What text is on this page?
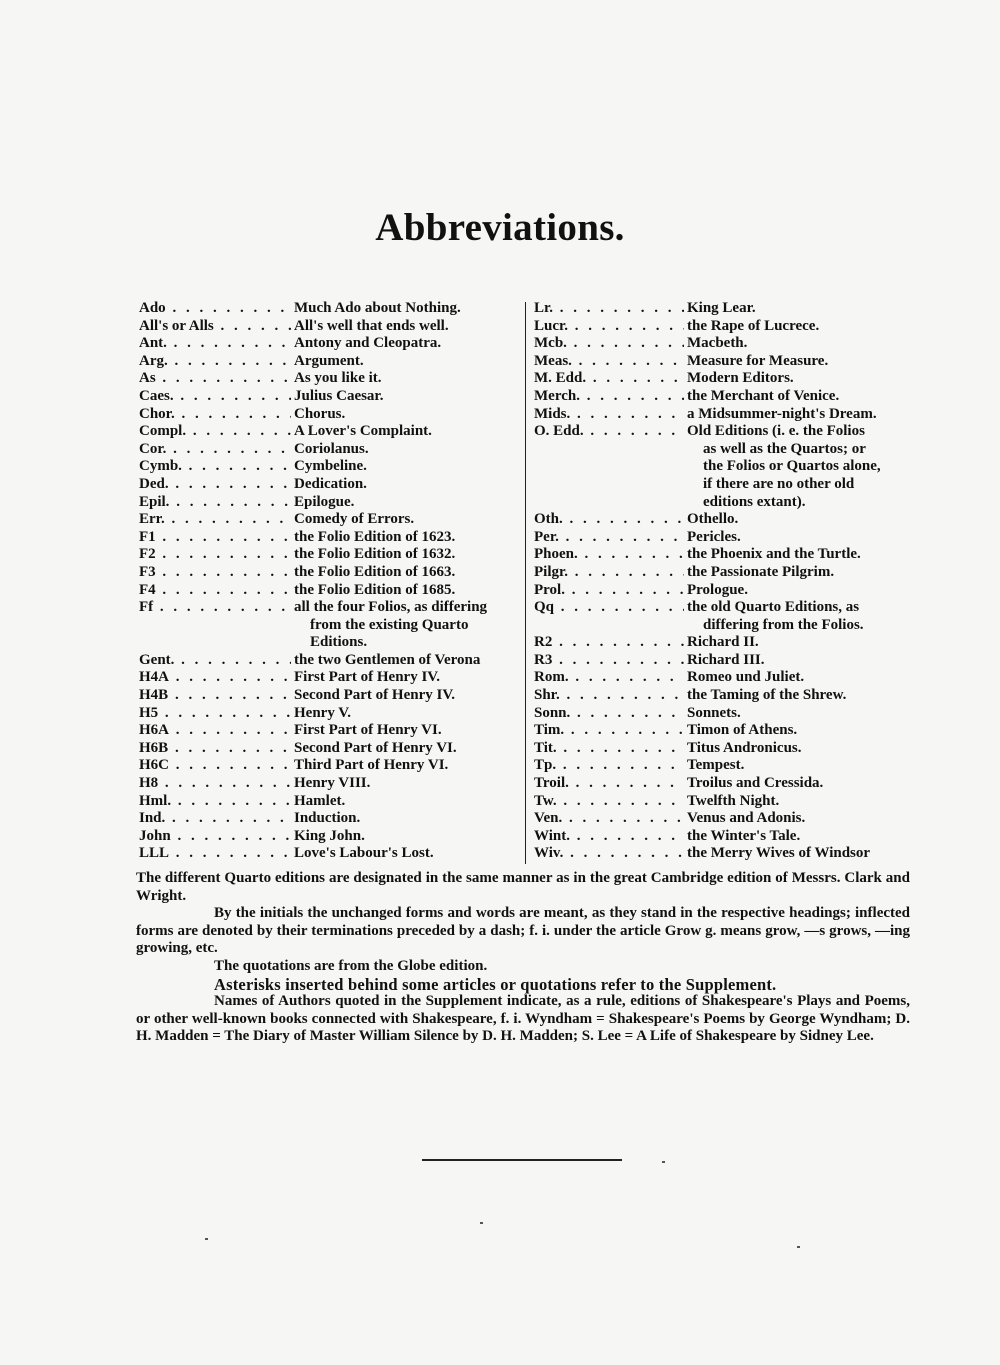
Abbreviations.
Ado . . .	Much Ado about Nothing.
All's or Alls . . .	All's well that ends well.
Ant. . . .	Antony and Cleopatra.
Arg. . . .	Argument.
As . . .	As you like it.
Caes. . . .	Julius Caesar.
Chor. . . .	Chorus.
Compl. . . .	A Lover's Complaint.
Cor. . . .	Coriolanus.
Cymb. . . .	Cymbeline.
Ded. . . .	Dedication.
Epil. . . .	Epilogue.
Err. . . .	Comedy of Errors.
F1 . . .	the Folio Edition of 1623.
F2 . . .	the Folio Edition of 1632.
F3 . . .	the Folio Edition of 1663.
F4 . . .	the Folio Edition of 1685.
Ff . . .	all the four Folios, as differing
from the existing Quarto
Editions.
Gent. . . .	the two Gentlemen of Verona
H4A . . .	First Part of Henry IV.
H4B . . .	Second Part of Henry IV.
H5 . . .	Henry V.
H6A . . .	First Part of Henry VI.
H6B . . .	Second Part of Henry VI.
H6C . . .	Third Part of Henry VI.
H8 . . .	Henry VIII.
Hml. . . .	Hamlet.
Ind. . . .	Induction.
John . . .	King John.
LLL . . .	Love's Labour's Lost.
Lr. . . .	King Lear.
Lucr. . . .	the Rape of Lucrece.
Mcb. . . .	Macbeth.
Meas. . . .	Measure for Measure.
M. Edd. . . .	Modern Editors.
Merch. . . .	the Merchant of Venice.
Mids. . . .	a Midsummer-night's Dream.
O. Edd. . . .	Old Editions (i. e. the Folios
as well as the Quartos; or
the Folios or Quartos alone,
if there are no other old
editions extant).
Oth. . . .	Othello.
Per. . . .	Pericles.
Phoen. . . .	the Phoenix and the Turtle.
Pilgr. . . .	the Passionate Pilgrim.
Prol. . . .	Prologue.
Qq . . .	the old Quarto Editions, as
differing from the Folios.
R2 . . .	Richard II.
R3 . . .	Richard III.
Rom. . . .	Romeo und Juliet.
Shr. . . .	the Taming of the Shrew.
Sonn. . . .	Sonnets.
Tim. . . .	Timon of Athens.
Tit. . . .	Titus Andronicus.
Tp. . . .	Tempest.
Troil. . . .	Troilus and Cressida.
Tw. . . .	Twelfth Night.
Ven. . . .	Venus and Adonis.
Wint. . . .	the Winter's Tale.
Wiv. . . .	the Merry Wives of Windsor

The different Quarto editions are designated in the same manner as in the great Cambridge edition of Messrs. Clark and Wright.

By the initials the unchanged forms and words are meant, as they stand in the respective headings; inflected forms are denoted by their terminations preceded by a dash; f. i. under the article Grow g. means grow, —s grows, —ing growing, etc.

The quotations are from the Globe edition.

Asterisks inserted behind some articles or quotations refer to the Supplement.

Names of Authors quoted in the Supplement indicate, as a rule, editions of Shakespeare's Plays and Poems, or other well-known books connected with Shakespeare, f. i. Wyndham = Shakespeare's Poems by George Wyndham; D. H. Madden = The Diary of Master William Silence by D. H. Madden; S. Lee = A Life of Shakespeare by Sidney Lee.
